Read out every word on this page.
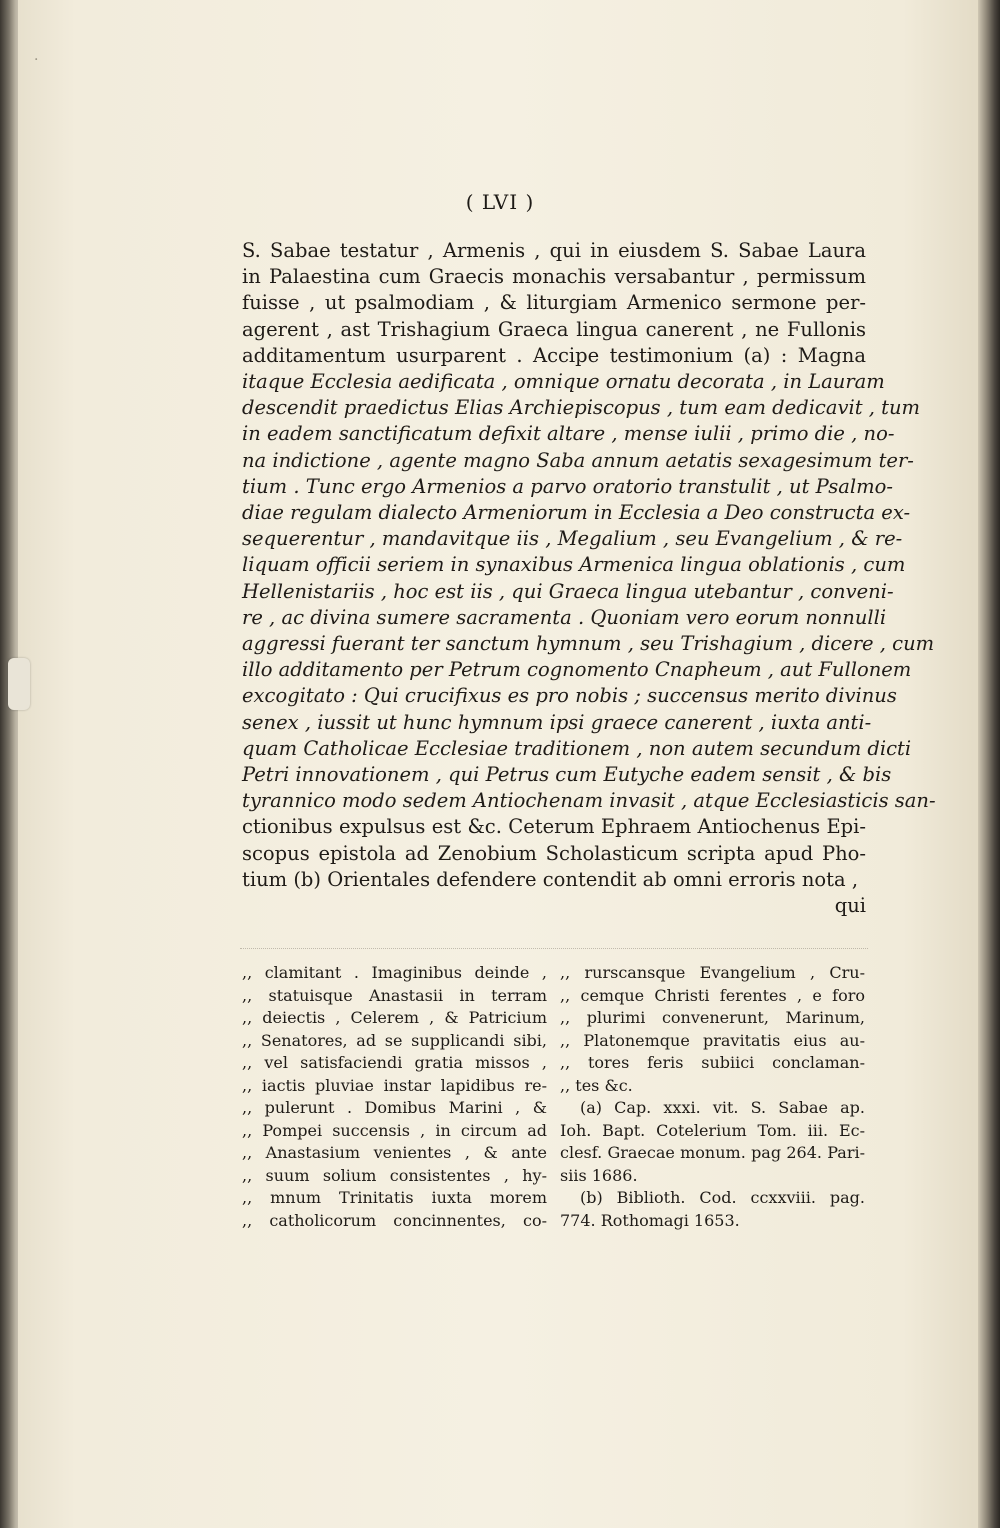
·
( LVI )
S. Sabae testatur , Armenis , qui in eiusdem S. Sabae Laura
in Palaestina cum Graecis monachis versabantur , permissum
fuisse , ut psalmodiam , & liturgiam Armenico sermone per-
agerent , ast Trishagium Graeca lingua canerent , ne Fullonis
additamentum usurparent . Accipe testimonium (a) : Magna
itaque Ecclesia aedificata , omnique ornatu decorata , in Lauram
descendit praedictus Elias Archiepiscopus , tum eam dedicavit , tum
in eadem sanctificatum defixit altare , mense iulii , primo die , no-
na indictione , agente magno Saba annum aetatis sexagesimum ter-
tium . Tunc ergo Armenios a parvo oratorio transtulit , ut Psalmo-
diae regulam dialecto Armeniorum in Ecclesia a Deo constructa ex-
sequerentur , mandavitque iis , Megalium , seu Evangelium , & re-
liquam officii seriem in synaxibus Armenica lingua oblationis , cum
Hellenistariis , hoc est iis , qui Graeca lingua utebantur , conveni-
re , ac divina sumere sacramenta . Quoniam vero eorum nonnulli
aggressi fuerant ter sanctum hymnum , seu Trishagium , dicere , cum
illo additamento per Petrum cognomento Cnapheum , aut Fullonem
excogitato : Qui crucifixus es pro nobis ; succensus merito divinus
senex , iussit ut hunc hymnum ipsi graece canerent , iuxta anti-
quam Catholicae Ecclesiae traditionem , non autem secundum dicti
Petri innovationem , qui Petrus cum Eutyche eadem sensit , & bis
tyrannico modo sedem Antiochenam invasit , atque Ecclesiasticis san-
ctionibus expulsus est &c. Ceterum Ephraem Antiochenus Epi-
scopus epistola ad Zenobium Scholasticum scripta apud Pho-
tium (b) Orientales defendere contendit ab omni erroris nota ,
qui
,, clamitant . Imaginibus deinde ,
,, statuisque Anastasii in terram
,, deiectis , Celerem , & Patricium
,, Senatores, ad se supplicandi sibi,
,, vel satisfaciendi gratia missos ,
,, iactis pluviae instar lapidibus re-
,, pulerunt . Domibus Marini , &
,, Pompei succensis , in circum ad
,, Anastasium venientes , & ante
,, suum solium consistentes , hy-
,, mnum Trinitatis iuxta morem
,, catholicorum concinnentes, co-
,, rurscansque Evangelium , Cru-
,, cemque Christi ferentes , e foro
,, plurimi convenerunt, Marinum,
,, Platonemque pravitatis eius au-
,, tores feris subiici conclaman-
,, tes &c.
(a) Cap. xxxi. vit. S. Sabae ap.
Ioh. Bapt. Cotelerium Tom. iii. Ec-
clesf. Graecae monum. pag 264. Pari-
siis 1686.
(b) Biblioth. Cod. ccxxviii. pag.
774. Rothomagi 1653.
